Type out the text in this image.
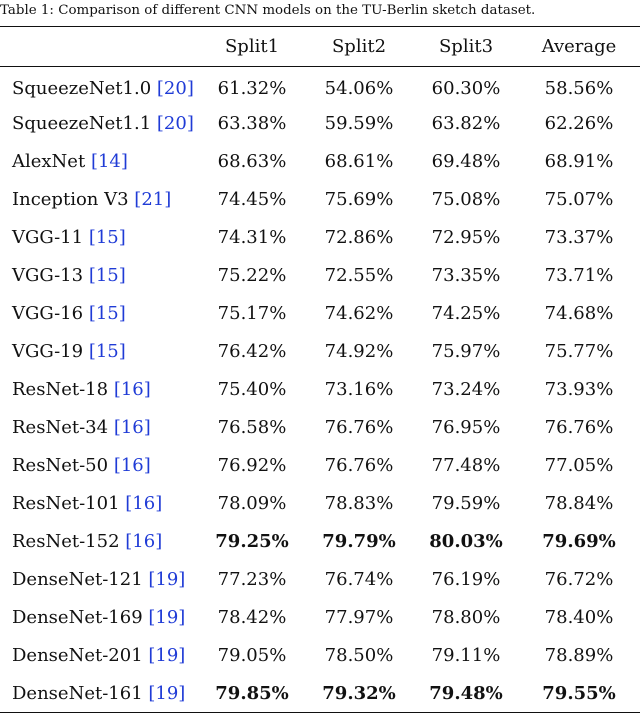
Table 1: Comparison of different CNN models on the TU-Berlin sketch dataset.
	Split1	Split2	Split3	Average
SqueezeNet1.0 [20]	61.32%	54.06%	60.30%	58.56%
SqueezeNet1.1 [20]	63.38%	59.59%	63.82%	62.26%
AlexNet [14]	68.63%	68.61%	69.48%	68.91%
Inception V3 [21]	74.45%	75.69%	75.08%	75.07%
VGG-11 [15]	74.31%	72.86%	72.95%	73.37%
VGG-13 [15]	75.22%	72.55%	73.35%	73.71%
VGG-16 [15]	75.17%	74.62%	74.25%	74.68%
VGG-19 [15]	76.42%	74.92%	75.97%	75.77%
ResNet-18 [16]	75.40%	73.16%	73.24%	73.93%
ResNet-34 [16]	76.58%	76.76%	76.95%	76.76%
ResNet-50 [16]	76.92%	76.76%	77.48%	77.05%
ResNet-101 [16]	78.09%	78.83%	79.59%	78.84%
ResNet-152 [16]	79.25%	79.79%	80.03%	79.69%
DenseNet-121 [19]	77.23%	76.74%	76.19%	76.72%
DenseNet-169 [19]	78.42%	77.97%	78.80%	78.40%
DenseNet-201 [19]	79.05%	78.50%	79.11%	78.89%
DenseNet-161 [19]	79.85%	79.32%	79.48%	79.55%
